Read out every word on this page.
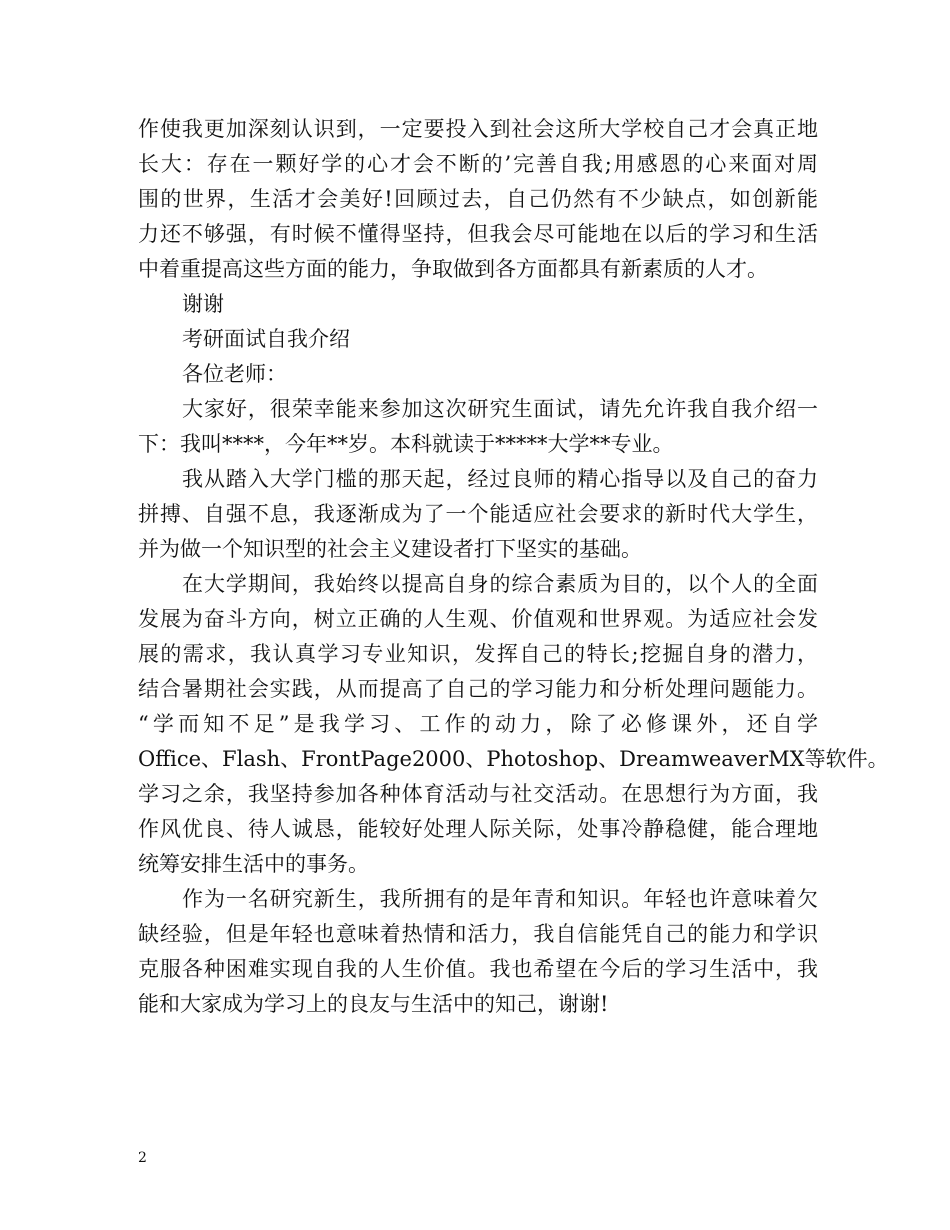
作使我更加深刻认识到，一定要投入到社会这所大学校自己才会真正地
长大：存在一颗好学的心才会不断的’完善自我;用感恩的心来面对周
围的世界，生活才会美好!回顾过去，自己仍然有不少缺点，如创新能
力还不够强，有时候不懂得坚持，但我会尽可能地在以后的学习和生活
中着重提高这些方面的能力，争取做到各方面都具有新素质的人才。
谢谢
考研面试自我介绍
各位老师：
大家好，很荣幸能来参加这次研究生面试，请先允许我自我介绍一
下：我叫****，今年**岁。本科就读于*****大学**专业。
我从踏入大学门槛的那天起，经过良师的精心指导以及自己的奋力
拼搏、自强不息，我逐渐成为了一个能适应社会要求的新时代大学生，
并为做一个知识型的社会主义建设者打下坚实的基础。
在大学期间，我始终以提高自身的综合素质为目的，以个人的全面
发展为奋斗方向，树立正确的人生观、价值观和世界观。为适应社会发
展的需求，我认真学习专业知识，发挥自己的特长;挖掘自身的潜力，
结合暑期社会实践，从而提高了自己的学习能力和分析处理问题能力。
“学而知不足”是我学习、工作的动力，除了必修课外，还自学
Office、Flash、FrontPage2000、Photoshop、DreamweaverMX等软件。
学习之余，我坚持参加各种体育活动与社交活动。在思想行为方面，我
作风优良、待人诚恳，能较好处理人际关际，处事冷静稳健，能合理地
统筹安排生活中的事务。
作为一名研究新生，我所拥有的是年青和知识。年轻也许意味着欠
缺经验，但是年轻也意味着热情和活力，我自信能凭自己的能力和学识
克服各种困难实现自我的人生价值。我也希望在今后的学习生活中，我
能和大家成为学习上的良友与生活中的知己，谢谢!
2
